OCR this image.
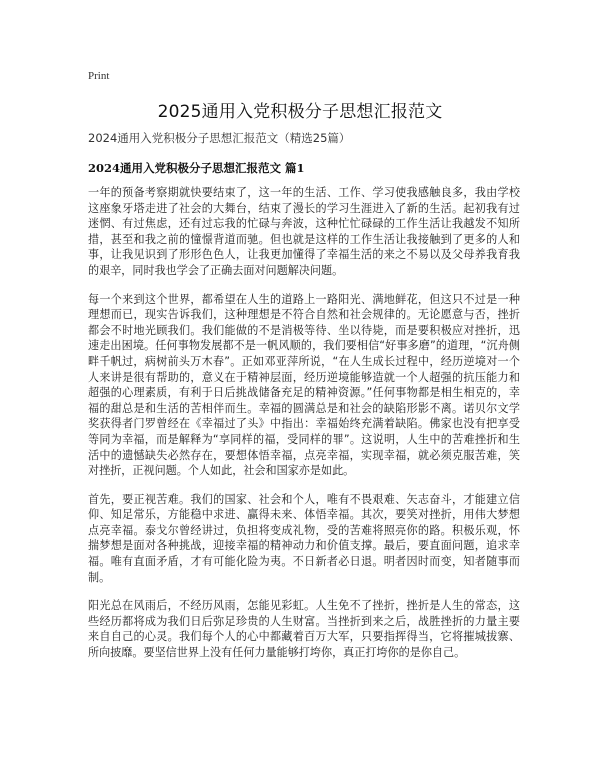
Print
2025通用入党积极分子思想汇报范文
2024通用入党积极分子思想汇报范文（精选25篇）
2024通用入党积极分子思想汇报范文 篇1

一年的预备考察期就快要结束了，这一年的生活、工作、学习使我感触良多，我由学校这座象牙塔走进了社会的大舞台，结束了漫长的学习生涯进入了新的生活。起初我有过迷惘、有过焦虑，还有过忘我的忙碌与奔波，这种忙忙碌碌的工作生活让我越发不知所措，甚至和我之前的憧憬背道而驰。但也就是这样的工作生活让我接触到了更多的人和事，让我见识到了形形色色人，让我更加懂得了幸福生活的来之不易以及父母养我育我的艰辛，同时我也学会了正确去面对问题解决问题。

每一个来到这个世界，都希望在人生的道路上一路阳光、满地鲜花，但这只不过是一种理想而已，现实告诉我们，这种理想是不符合自然和社会规律的。无论愿意与否，挫折都会不时地光顾我们。我们能做的不是消极等待、坐以待毙，而是要积极应对挫折，迅速走出困境。任何事物发展都不是一帆风顺的，我们要相信“好事多磨”的道理，“沉舟侧畔千帆过，病树前头万木春”。正如邓亚萍所说，“在人生成长过程中，经历逆境对一个人来讲是很有帮助的，意义在于精神层面，经历逆境能够造就一个人超强的抗压能力和超强的心理素质，有利于日后挑战储备充足的精神资源。”任何事物都是相生相克的，幸福的甜总是和生活的苦相伴而生。幸福的圆满总是和社会的缺陷形影不离。诺贝尔文学奖获得者门罗曾经在《幸福过了头》中指出：幸福始终充满着缺陷。佛家也没有把享受等同为幸福，而是解释为“享同样的福，受同样的罪”。这说明，人生中的苦难挫折和生活中的遗憾缺失必然存在，要想体悟幸福，点亮幸福，实现幸福，就必须克服苦难，笑对挫折，正视问题。个人如此，社会和国家亦是如此。

首先，要正视苦难。我们的国家、社会和个人，唯有不畏艰难、矢志奋斗，才能建立信仰、知足常乐，方能稳中求进、赢得未来、体悟幸福。其次，要笑对挫折，用伟大梦想点亮幸福。泰戈尔曾经讲过，负担将变成礼物，受的苦难将照亮你的路。积极乐观，怀揣梦想是面对各种挑战，迎接幸福的精神动力和价值支撑。最后，要直面问题，追求幸福。唯有直面矛盾，才有可能化险为夷。不日新者必日退。明者因时而变，知者随事而制。

阳光总在风雨后，不经历风雨，怎能见彩虹。人生免不了挫折，挫折是人生的常态，这些经历都将成为我们日后弥足珍贵的人生财富。当挫折到来之后，战胜挫折的力量主要来自自己的心灵。我们每个人的心中都藏着百万大军，只要指挥得当，它将摧城拔寨、所向披靡。要坚信世界上没有任何力量能够打垮你，真正打垮你的是你自己。
